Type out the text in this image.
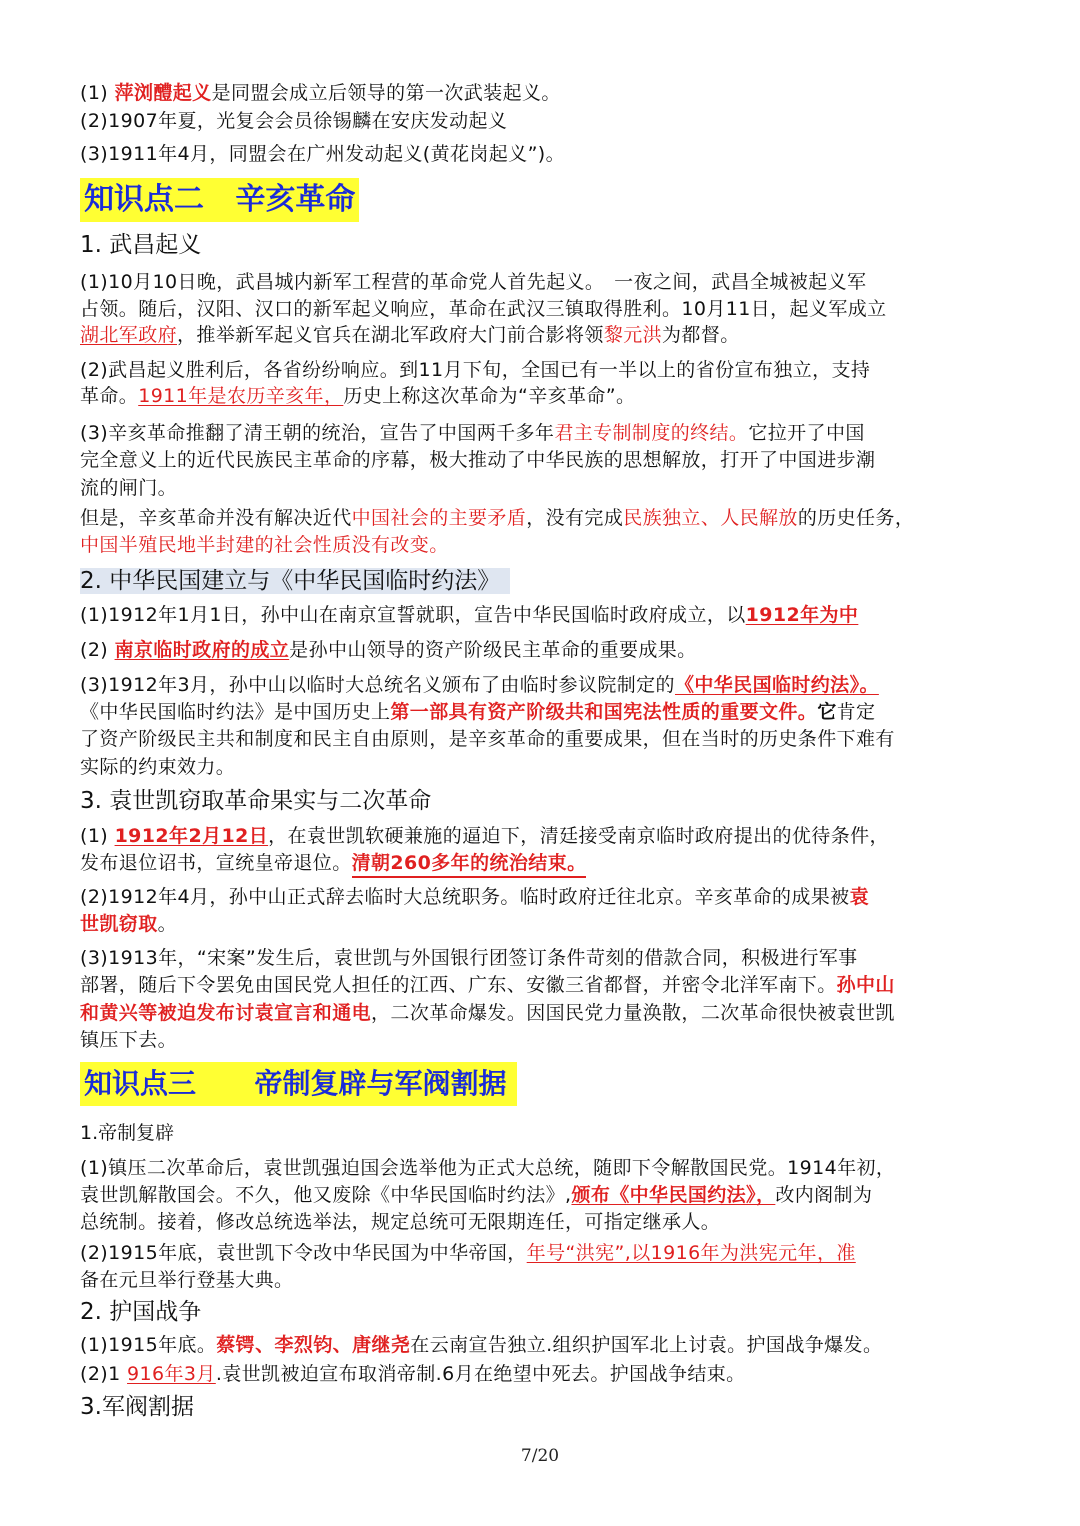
(1) 萍浏醴起义是同盟会成立后领导的第一次武装起义。
(2)1907年夏，光复会会员徐锡麟在安庆发动起义
(3)1911年4月，同盟会在广州发动起义(黄花岗起义”)。
知识点二 辛亥革命
1. 武昌起义
(1)10月10日晚，武昌城内新军工程营的革命党人首先起义。　一夜之间，武昌全城被起义军
占领。随后，汉阳、汉口的新军起义响应，革命在武汉三镇取得胜利。10月11日，起义军成立
湖北军政府，推举新军起义官兵在湖北军政府大门前合影将领黎元洪为都督。
(2)武昌起义胜利后，各省纷纷响应。到11月下旬，全国已有一半以上的省份宣布独立，支持
革命。1911年是农历辛亥年，历史上称这次革命为“辛亥革命”。
(3)辛亥革命推翻了清王朝的统治，宣告了中国两千多年君主专制制度的终结。它拉开了中国
完全意义上的近代民族民主革命的序幕，极大推动了中华民族的思想解放，打开了中国进步潮
流的闸门。
但是，辛亥革命并没有解决近代中国社会的主要矛盾，没有完成民族独立、人民解放的历史任务，
中国半殖民地半封建的社会性质没有改变。
2. 中华民国建立与《中华民国临时约法》
(1)1912年1月1日，孙中山在南京宣誓就职，宣告中华民国临时政府成立，以1912年为中
(2) 南京临时政府的成立是孙中山领导的资产阶级民主革命的重要成果。
(3)1912年3月，孙中山以临时大总统名义颁布了由临时参议院制定的《中华民国临时约法》。
《中华民国临时约法》是中国历史上第一部具有资产阶级共和国宪法性质的重要文件。它肯定
了资产阶级民主共和制度和民主自由原则，是辛亥革命的重要成果，但在当时的历史条件下难有
实际的约束效力。
3. 袁世凯窃取革命果实与二次革命
(1) 1912年2月12日，在袁世凯软硬兼施的逼迫下，清廷接受南京临时政府提出的优待条件，
发布退位诏书，宣统皇帝退位。清朝260多年的统治结束。
(2)1912年4月，孙中山正式辞去临时大总统职务。临时政府迁往北京。辛亥革命的成果被袁
世凯窃取。
(3)1913年，“宋案”发生后，袁世凯与外国银行团签订条件苛刻的借款合同，积极进行军事
部署，随后下令罢免由国民党人担任的江西、广东、安徽三省都督，并密令北洋军南下。孙中山
和黄兴等被迫发布讨袁宣言和通电，二次革命爆发。因国民党力量涣散，二次革命很快被袁世凯
镇压下去。
知识点三 帝制复辟与军阀割据
1.帝制复辟
(1)镇压二次革命后，袁世凯强迫国会选举他为正式大总统，随即下令解散国民党。1914年初，
袁世凯解散国会。不久，他又废除《中华民国临时约法》,颁布《中华民国约法》，改内阁制为
总统制。接着，修改总统选举法，规定总统可无限期连任，可指定继承人。
(2)1915年底，袁世凯下令改中华民国为中华帝国，年号“洪宪”,以1916年为洪宪元年，准
备在元旦举行登基大典。
2. 护国战争
(1)1915年底。蔡锷、李烈钧、唐继尧在云南宣告独立.组织护国军北上讨袁。护国战争爆发。
(2)1 916年3月.袁世凯被迫宣布取消帝制.6月在绝望中死去。护国战争结束。
3.军阀割据
7/20
